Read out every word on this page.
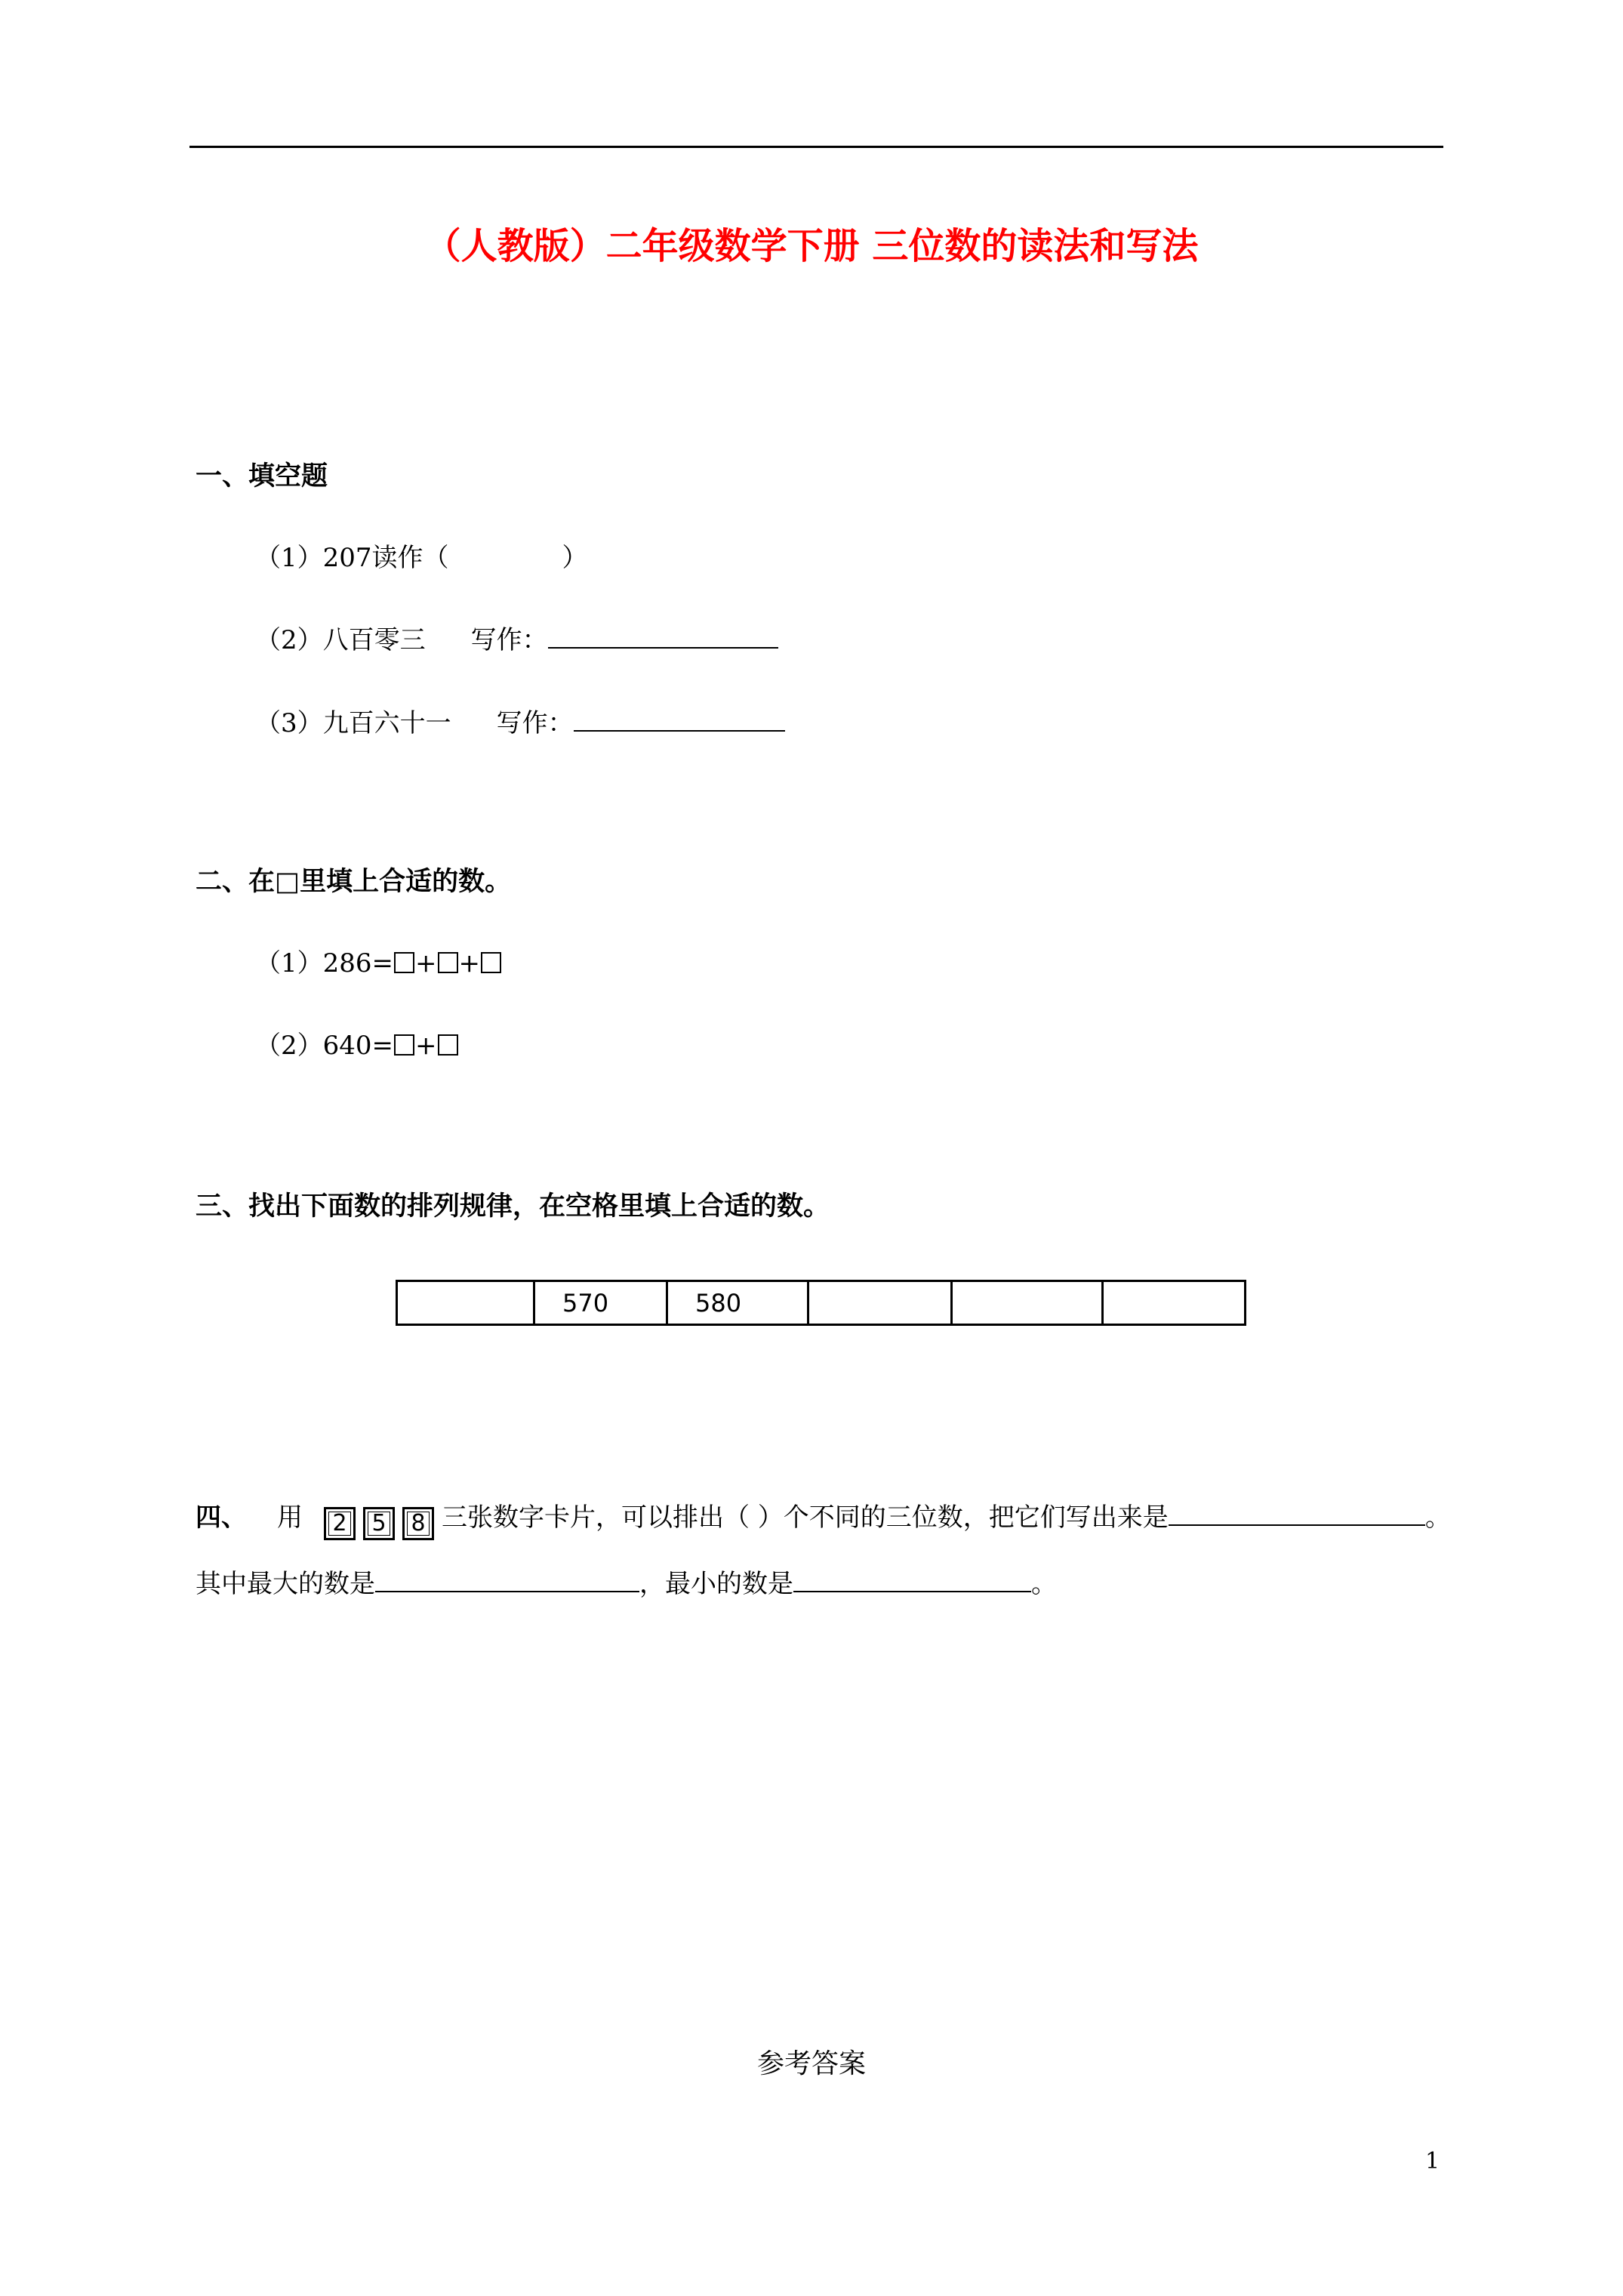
（人教版）二年级数学下册 三位数的读法和写法
一、填空题
（1）207读作（	）
（2）八百零三 写作：
（3）九百六十一 写作：
二、在□里填上合适的数。
（1）286= + +
（2）640= +
三、找出下面数的排列规律，在空格里填上合适的数。
	570	580			
四、 用 2 5 8 三张数字卡片，可以排出（ ）个不同的三位数，把它们写出来是	。
其中最大的数是	，最小的数是	。
参考答案
1
